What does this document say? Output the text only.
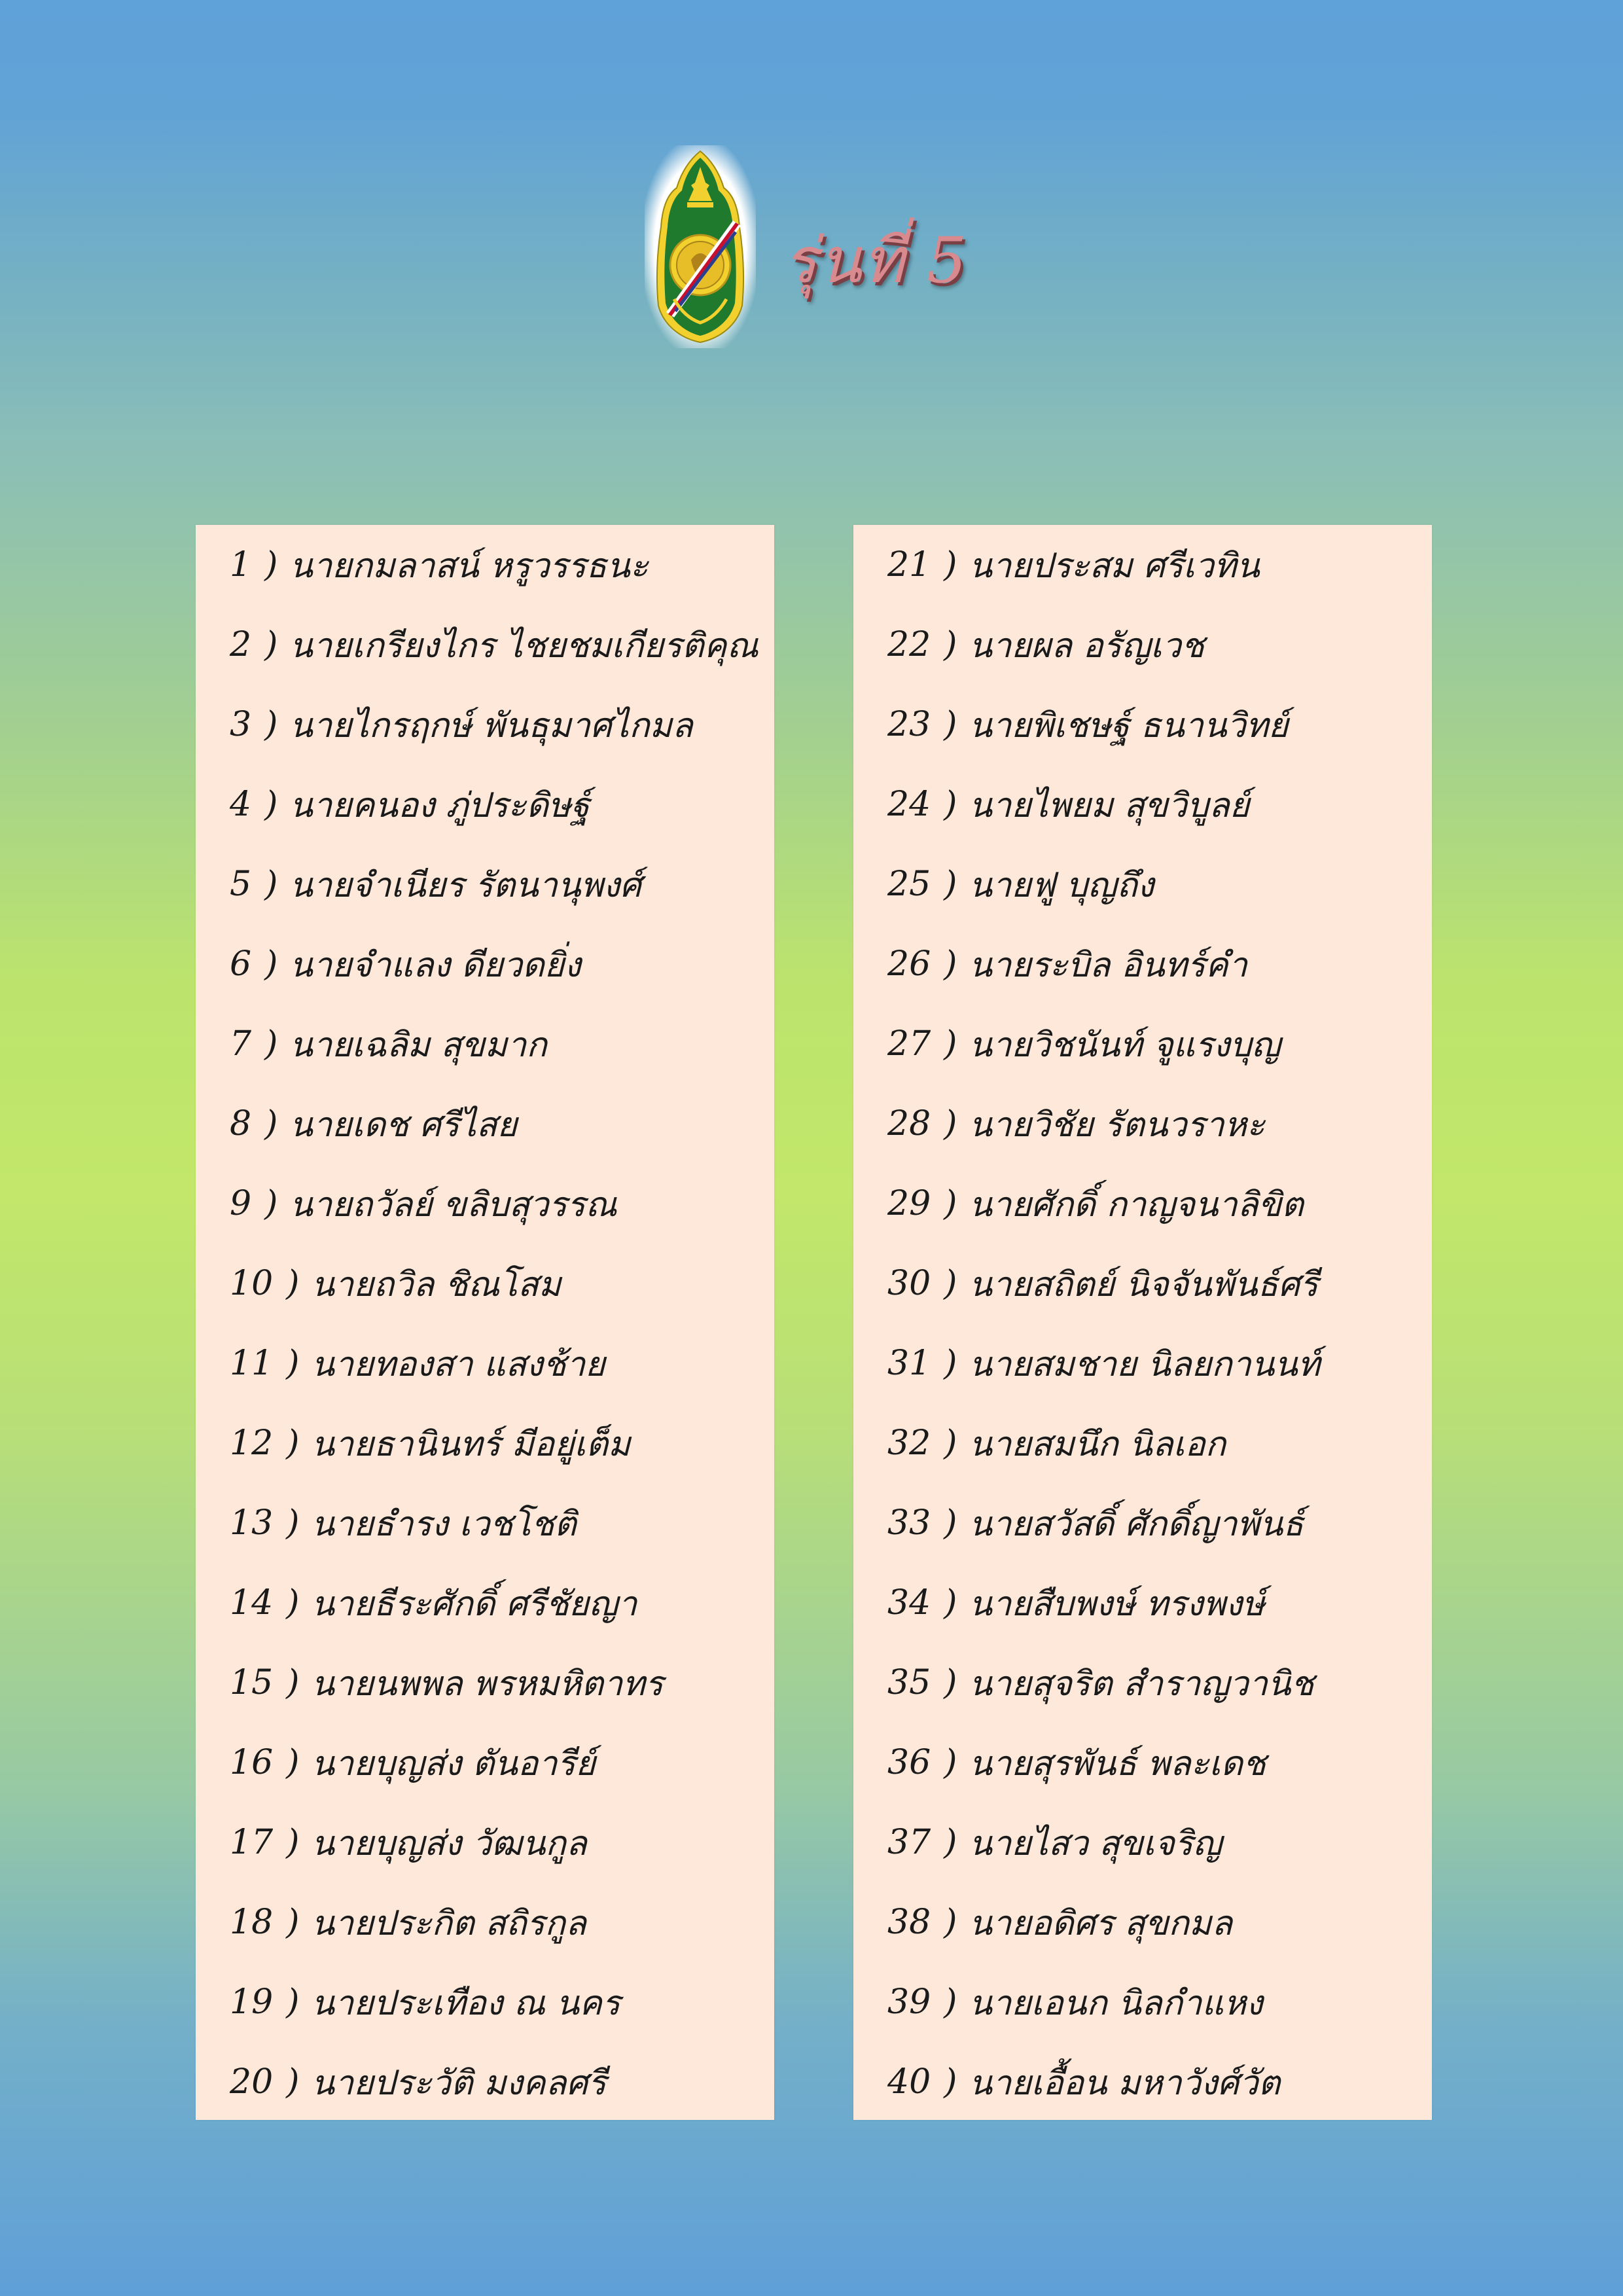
รุ่นที่ 5
1 ) นายกมลาสน์ หรูวรรธนะ
2 ) นายเกรียงไกร ไชยชมเกียรติคุณ
3 ) นายไกรฤกษ์ พันธุมาศไกมล
4 ) นายคนอง ภู่ประดิษฐ์
5 ) นายจำเนียร รัตนานุพงศ์
6 ) นายจำแลง ดียวดยิ่ง
7 ) นายเฉลิม สุขมาก
8 ) นายเดช ศรีไสย
9 ) นายถวัลย์ ขลิบสุวรรณ
10 ) นายถวิล ชิณโสม
11 ) นายทองสา แสงช้าย
12 ) นายธานินทร์ มีอยู่เต็ม
13 ) นายธำรง เวชโชติ
14 ) นายธีระศักดิ์ ศรีชัยญา
15 ) นายนพพล พรหมหิตาทร
16 ) นายบุญส่ง ตันอารีย์
17 ) นายบุญส่ง วัฒนกูล
18 ) นายประกิต สถิรกูล
19 ) นายประเทือง ณ นคร
20 ) นายประวัติ มงคลศรี
21 ) นายประสม ศรีเวทิน
22 ) นายผล อรัญเวช
23 ) นายพิเชษฐ์ ธนานวิทย์
24 ) นายไพยม สุขวิบูลย์
25 ) นายฟู บุญถึง
26 ) นายระบิล อินทร์คำ
27 ) นายวิชนันท์ จูแรงบุญ
28 ) นายวิชัย รัตนวราหะ
29 ) นายศักดิ์ กาญจนาลิขิต
30 ) นายสถิตย์ นิจจันพันธ์ศรี
31 ) นายสมชาย นิลยกานนท์
32 ) นายสมนึก นิลเอก
33 ) นายสวัสดิ์ ศักดิ์ญาพันธ์
34 ) นายสืบพงษ์ ทรงพงษ์
35 ) นายสุจริต สำราญวานิช
36 ) นายสุรพันธ์ พละเดช
37 ) นายไสว สุขเจริญ
38 ) นายอดิศร สุขกมล
39 ) นายเอนก นิลกำแหง
40 ) นายเอื้อน มหาวังศ์วัต
